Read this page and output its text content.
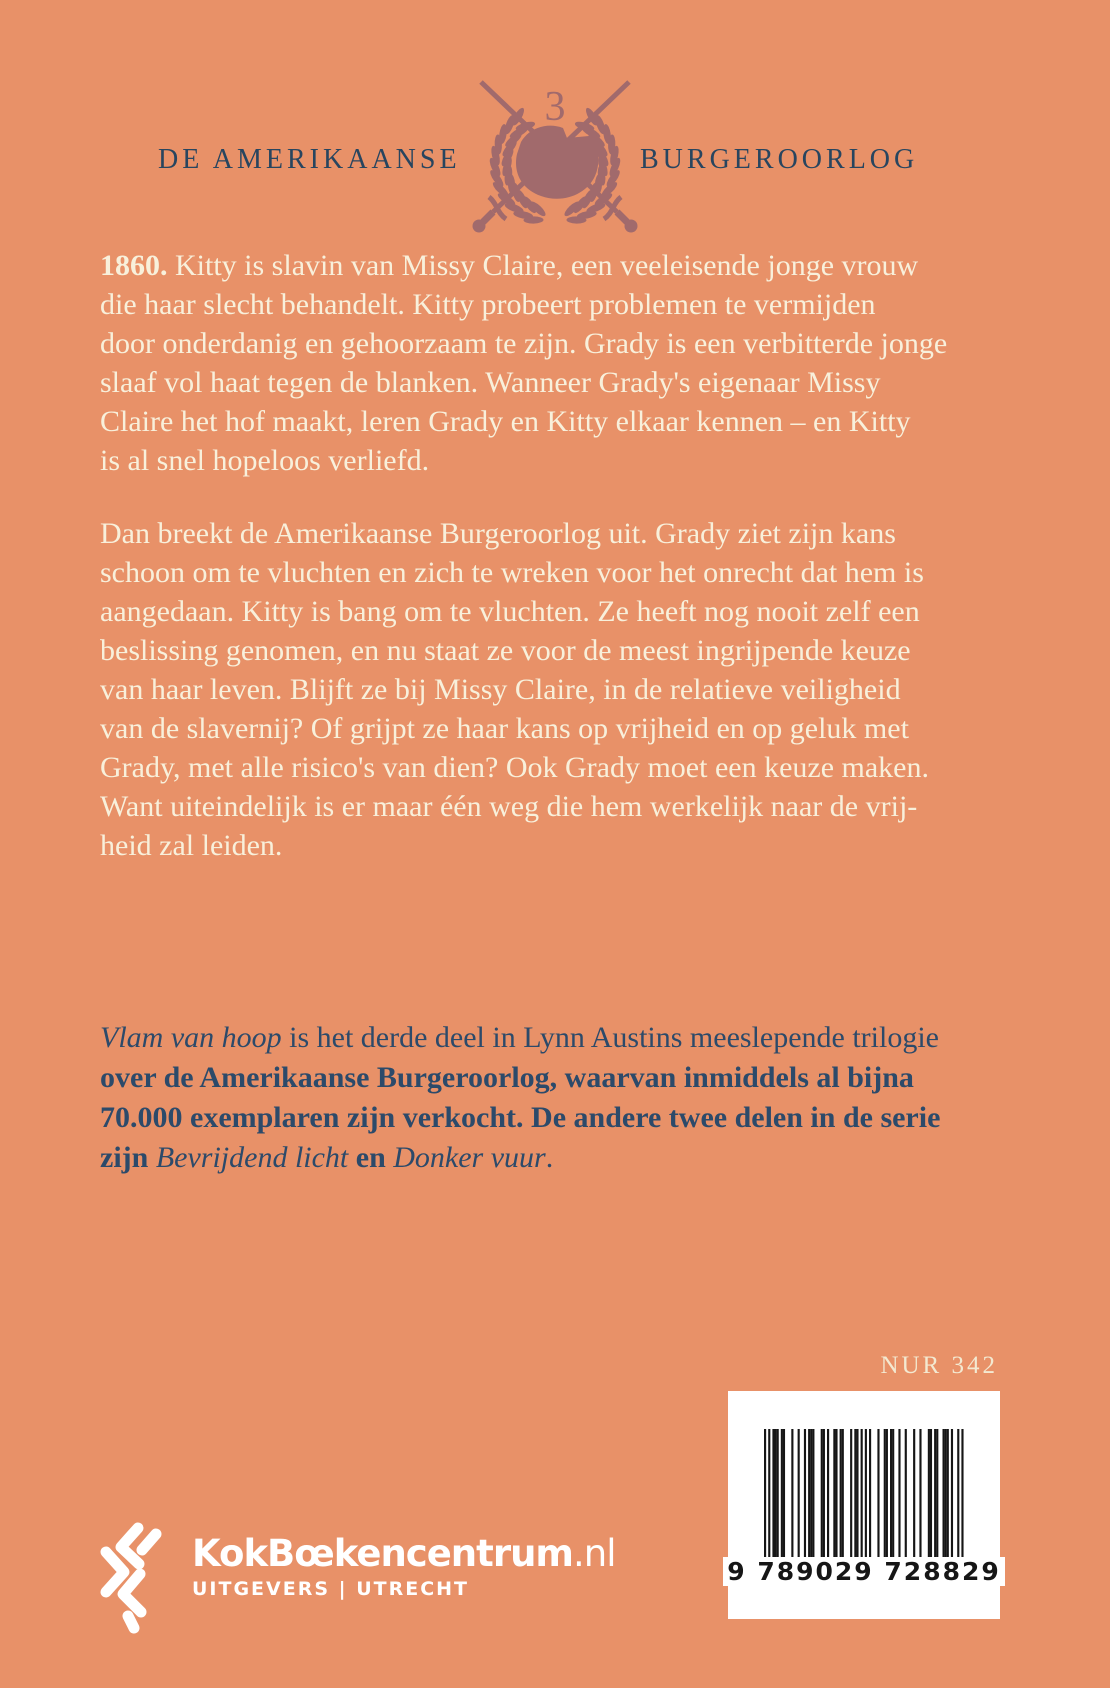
DE AMERIKAANSE
3
BURGEROORLOG
1860. Kitty is slavin van Missy Claire, een veeleisende jonge vrouw
die haar slecht behandelt. Kitty probeert problemen te vermijden
door onderdanig en gehoorzaam te zijn. Grady is een verbitterde jonge
slaaf vol haat tegen de blanken. Wanneer Grady's eigenaar Missy
Claire het hof maakt, leren Grady en Kitty elkaar kennen – en Kitty
is al snel hopeloos verliefd.
Dan breekt de Amerikaanse Burgeroorlog uit. Grady ziet zijn kans
schoon om te vluchten en zich te wreken voor het onrecht dat hem is
aangedaan. Kitty is bang om te vluchten. Ze heeft nog nooit zelf een
beslissing genomen, en nu staat ze voor de meest ingrijpende keuze
van haar leven. Blijft ze bij Missy Claire, in de relatieve veiligheid
van de slavernij? Of grijpt ze haar kans op vrijheid en op geluk met
Grady, met alle risico's van dien? Ook Grady moet een keuze maken.
Want uiteindelijk is er maar één weg die hem werkelijk naar de vrij-
heid zal leiden.
Vlam van hoop is het derde deel in Lynn Austins meeslepende trilogie
over de Amerikaanse Burgeroorlog, waarvan inmiddels al bijna
70.000 exemplaren zijn verkocht. De andere twee delen in de serie
zijn Bevrijdend licht en Donker vuur.
NUR 342
9 789029 728829
KokBœkencentrum.nl
UITGEVERS | UTRECHT
